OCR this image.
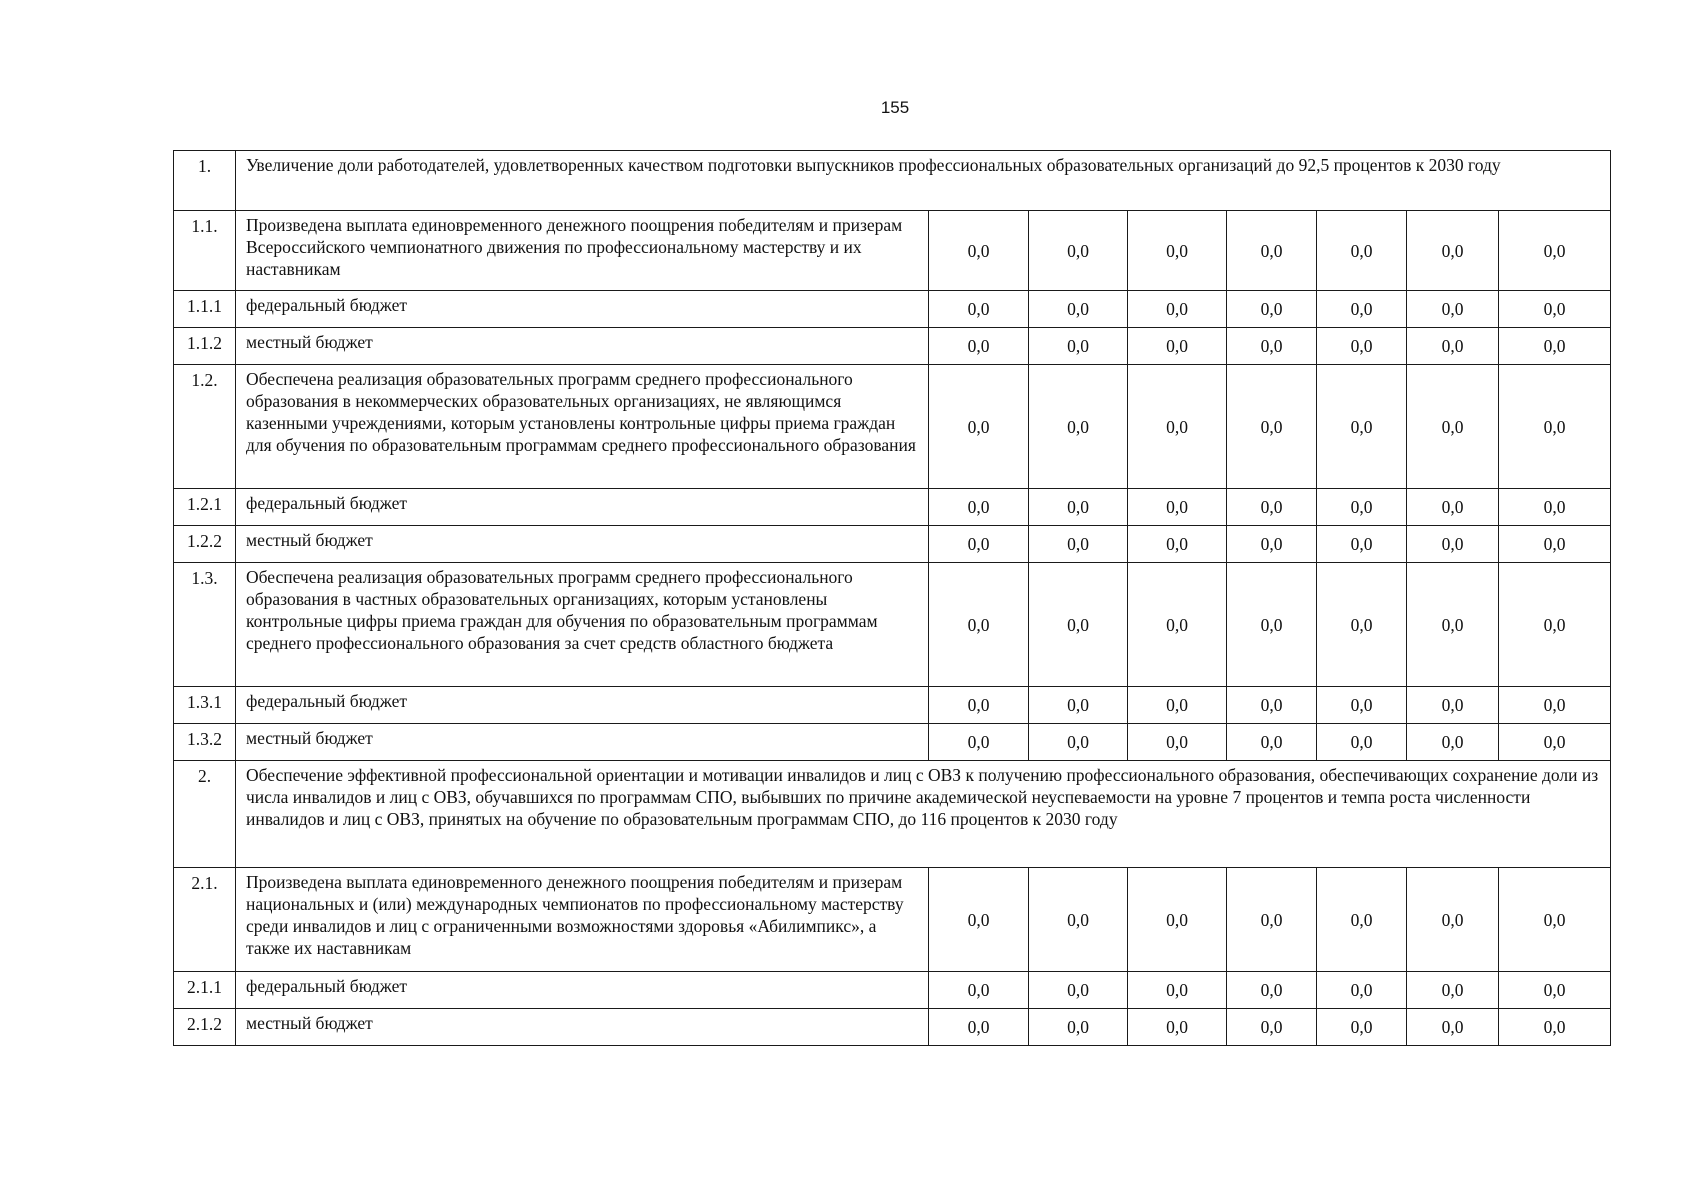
155
1.	Увеличение доли работодателей, удовлетворенных качеством подготовки выпускников профессиональных образовательных организаций до 92,5 процентов к 2030 году							
1.1.	Произведена выплата единовременного денежного поощрения победителям и призерам Всероссийского чемпионатного движения по профессиональному мастерству и их наставникам	0,0	0,0	0,0	0,0	0,0	0,0	0,0
1.1.1	федеральный бюджет	0,0	0,0	0,0	0,0	0,0	0,0	0,0
1.1.2	местный бюджет	0,0	0,0	0,0	0,0	0,0	0,0	0,0
1.2.	Обеспечена реализация образовательных программ среднего профессионального образования в некоммерческих образовательных организациях, не являющимся казенными учреждениями, которым установлены контрольные цифры приема граждан для обучения по образовательным программам среднего профессионального образования	0,0	0,0	0,0	0,0	0,0	0,0	0,0
1.2.1	федеральный бюджет	0,0	0,0	0,0	0,0	0,0	0,0	0,0
1.2.2	местный бюджет	0,0	0,0	0,0	0,0	0,0	0,0	0,0
1.3.	Обеспечена реализация образовательных программ среднего профессионального образования в частных образовательных организациях, которым установлены контрольные цифры приема граждан для обучения по образовательным программам среднего профессионального образования за счет средств областного бюджета	0,0	0,0	0,0	0,0	0,0	0,0	0,0
1.3.1	федеральный бюджет	0,0	0,0	0,0	0,0	0,0	0,0	0,0
1.3.2	местный бюджет	0,0	0,0	0,0	0,0	0,0	0,0	0,0
2.	Обеспечение эффективной профессиональной ориентации и мотивации инвалидов и лиц с ОВЗ к получению профессионального образования, обеспечивающих сохранение доли из числа инвалидов и лиц с ОВЗ, обучавшихся по программам СПО, выбывших по причине академической неуспеваемости на уровне 7 процентов и темпа роста численности инвалидов и лиц с ОВЗ, принятых на обучение по образовательным программам СПО, до 116 процентов к 2030 году							
2.1.	Произведена выплата единовременного денежного поощрения победителям и призерам национальных и (или) международных чемпионатов по профессиональному мастерству среди инвалидов и лиц с ограниченными возможностями здоровья «Абилимпикс», а также их наставникам	0,0	0,0	0,0	0,0	0,0	0,0	0,0
2.1.1	федеральный бюджет	0,0	0,0	0,0	0,0	0,0	0,0	0,0
2.1.2	местный бюджет	0,0	0,0	0,0	0,0	0,0	0,0	0,0
